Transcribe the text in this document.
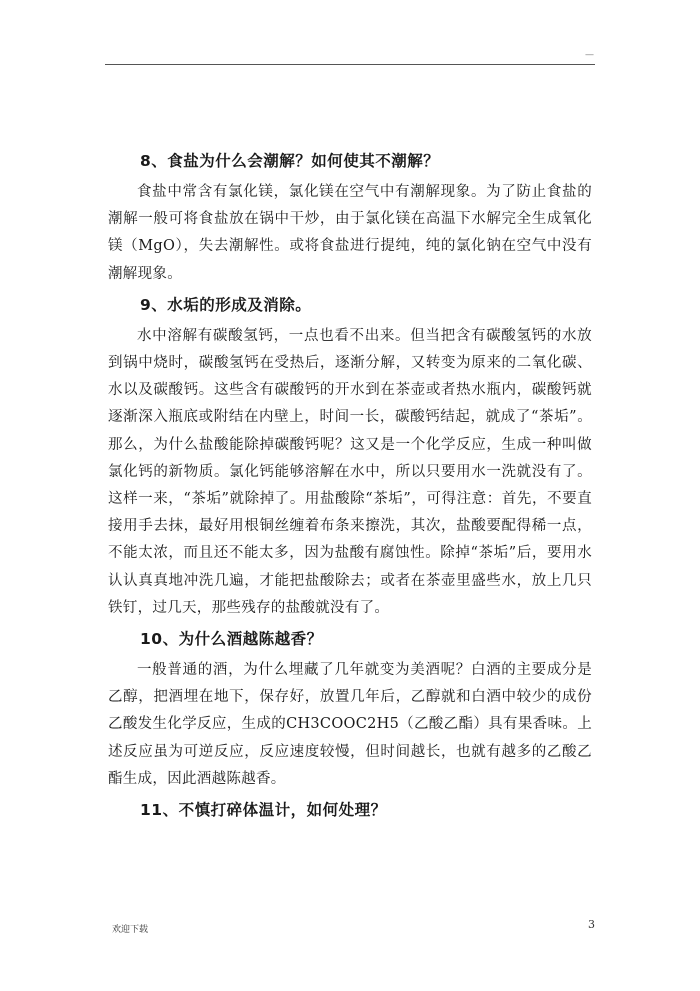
—
8、食盐为什么会潮解？如何使其不潮解？

食盐中常含有氯化镁，氯化镁在空气中有潮解现象。为了防止食盐的潮解一般可将食盐放在锅中干炒，由于氯化镁在高温下水解完全生成氧化镁（MgO），失去潮解性。或将食盐进行提纯，纯的氯化钠在空气中没有潮解现象。

9、水垢的形成及消除。

水中溶解有碳酸氢钙，一点也看不出来。但当把含有碳酸氢钙的水放到锅中烧时，碳酸氢钙在受热后，逐渐分解，又转变为原来的二氧化碳、水以及碳酸钙。这些含有碳酸钙的开水到在茶壶或者热水瓶内，碳酸钙就逐渐深入瓶底或附结在内壁上，时间一长，碳酸钙结起，就成了“茶垢”。那么，为什么盐酸能除掉碳酸钙呢？这又是一个化学反应，生成一种叫做氯化钙的新物质。氯化钙能够溶解在水中，所以只要用水一洗就没有了。这样一来，“茶垢”就除掉了。用盐酸除“茶垢”，可得注意：首先，不要直接用手去抹，最好用根铜丝缠着布条来擦洗，其次，盐酸要配得稀一点，不能太浓，而且还不能太多，因为盐酸有腐蚀性。除掉“茶垢”后，要用水认认真真地冲洗几遍，才能把盐酸除去；或者在茶壶里盛些水，放上几只铁钉，过几天，那些残存的盐酸就没有了。

10、为什么酒越陈越香？

一般普通的酒，为什么埋藏了几年就变为美酒呢？白酒的主要成分是乙醇，把酒埋在地下，保存好，放置几年后，乙醇就和白酒中较少的成份乙酸发生化学反应，生成的CH3COOC2H5（乙酸乙酯）具有果香味。上述反应虽为可逆反应，反应速度较慢，但时间越长，也就有越多的乙酸乙酯生成，因此酒越陈越香。

11、不慎打碎体温计，如何处理？
欢迎下载	3
